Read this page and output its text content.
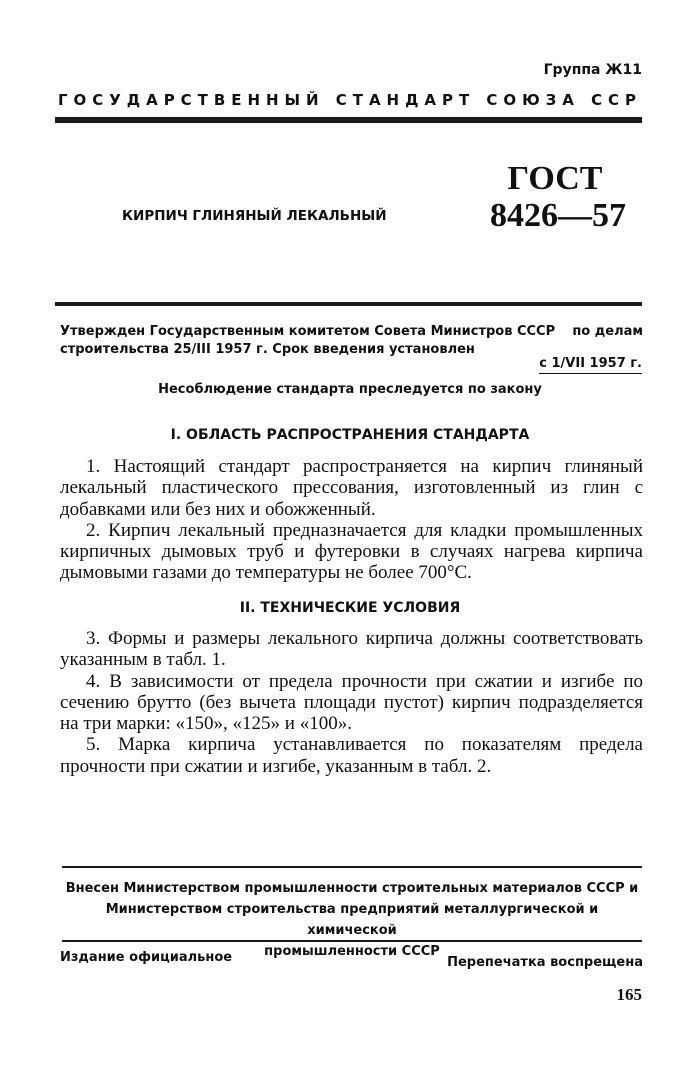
Группа Ж11
ГОСУДАРСТВЕННЫЙ СТАНДАРТ СОЮЗА ССР
ГОСТ
8426—57
КИРПИЧ ГЛИНЯНЫЙ ЛЕКАЛЬНЫЙ
Утвержден Государственным комитетом Совета Министров СССР по делам
строительства 25/III 1957 г. Срок введения установлен
с 1/VII 1957 г.
Несоблюдение стандарта преследуется по закону
I. ОБЛАСТЬ РАСПРОСТРАНЕНИЯ СТАНДАРТА

1. Настоящий стандарт распространяется на кирпич глиняный лекальный пластического прессования, изготовленный из глин с добавками или без них и обожженный.

2. Кирпич лекальный предназначается для кладки промышленных кирпичных дымовых труб и футеровки в случаях нагрева кирпича дымовыми газами до температуры не более 700°С.

II. ТЕХНИЧЕСКИЕ УСЛОВИЯ

3. Формы и размеры лекального кирпича должны соответствовать указанным в табл. 1.

4. В зависимости от предела прочности при сжатии и изгибе по сечению брутто (без вычета площади пустот) кирпич подразделяется на три марки: «150», «125» и «100».

5. Марка кирпича устанавливается по показателям предела прочности при сжатии и изгибе, указанным в табл. 2.

Внесен Министерством промышленности строительных материалов СССР и
Министерством строительства предприятий металлургической и химической
промышленности СССР
Издание официальное	Перепечатка воспрещена
165
